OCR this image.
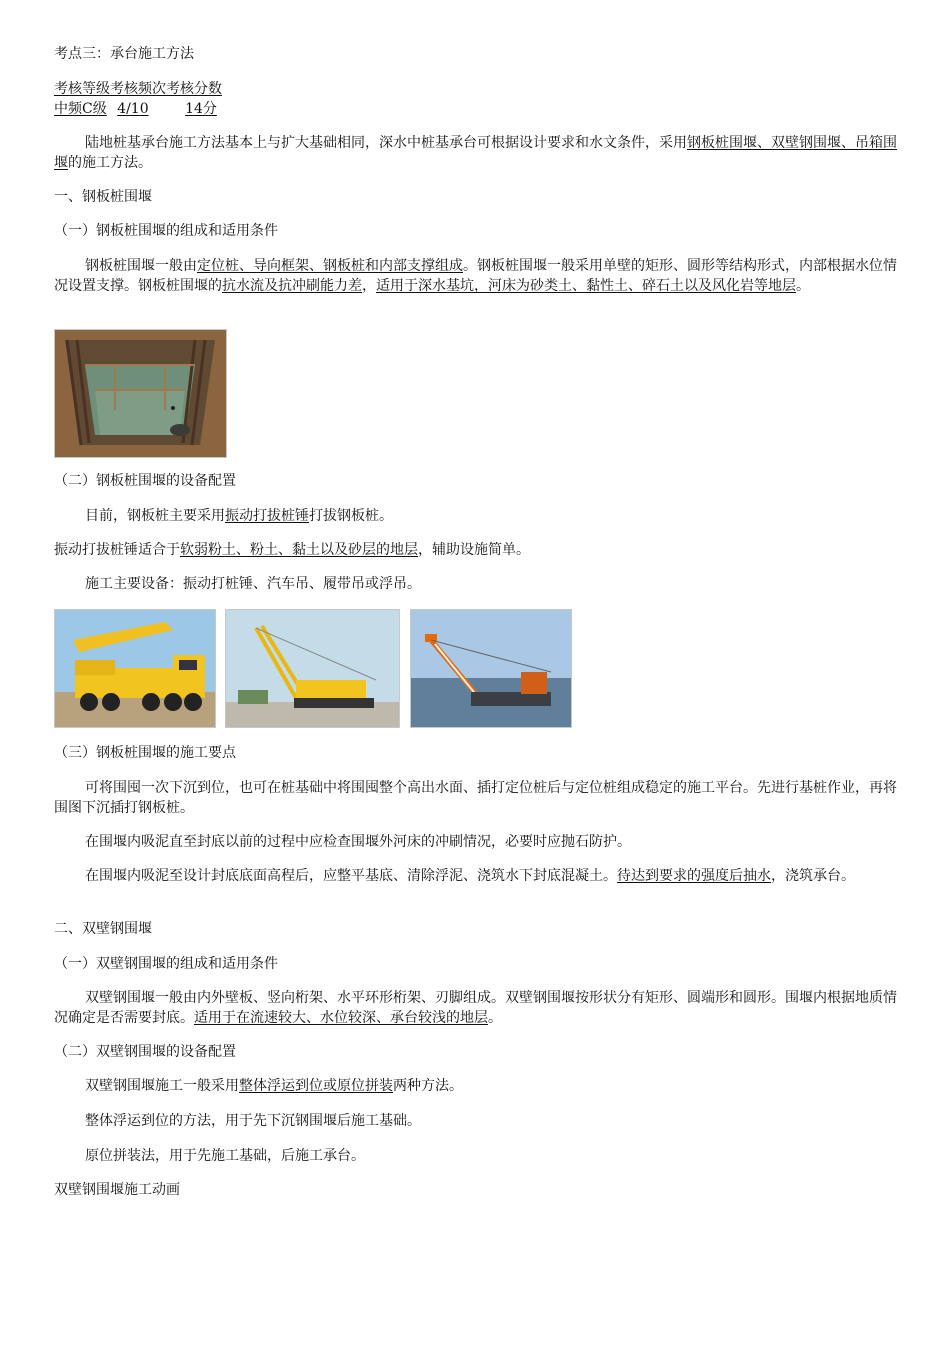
考点三：承台施工方法
考核等级考核频次考核分数
中频C级 4/10	14分
陆地桩基承台施工方法基本上与扩大基础相同，深水中桩基承台可根据设计要求和水文条件，采用钢板桩围堰、双壁钢围堰、吊箱围堰的施工方法。
一、钢板桩围堰
（一）钢板桩围堰的组成和适用条件
钢板桩围堰一般由定位桩、导向框架、钢板桩和内部支撑组成。钢板桩围堰一般采用单壁的矩形、圆形等结构形式，内部根据水位情况设置支撑。钢板桩围堰的抗水流及抗冲刷能力差，适用于深水基坑，河床为砂类土、黏性土、碎石土以及风化岩等地层。
（二）钢板桩围堰的设备配置
目前，钢板桩主要采用振动打拔桩锤打拔钢板桩。
振动打拔桩锤适合于软弱粉土、粉土、黏土以及砂层的地层，辅助设施简单。
施工主要设备：振动打桩锤、汽车吊、履带吊或浮吊。
（三）钢板桩围堰的施工要点
可将围囤一次下沉到位，也可在桩基础中将围囤整个高出水面、插打定位桩后与定位桩组成稳定的施工平台。先进行基桩作业，再将围图下沉插打钢板桩。
在围堰内吸泥直至封底以前的过程中应检查围堰外河床的冲刷情况，必要时应抛石防护。
在围堰内吸泥至设计封底底面高程后，应整平基底、清除浮泥、浇筑水下封底混凝土。待达到要求的强度后抽水，浇筑承台。
二、双壁钢围堰
（一）双壁钢围堰的组成和适用条件
双壁钢围堰一般由内外壁板、竖向桁架、水平环形桁架、刃脚组成。双壁钢围堰按形状分有矩形、圆端形和圆形。围堰内根据地质情况确定是否需要封底。适用于在流速较大、水位较深、承台较浅的地层。
（二）双壁钢围堰的设备配置
双壁钢围堰施工一般采用整体浮运到位或原位拼装两种方法。
整体浮运到位的方法，用于先下沉钢围堰后施工基础。
原位拼装法，用于先施工基础，后施工承台。
双壁钢围堰施工动画
